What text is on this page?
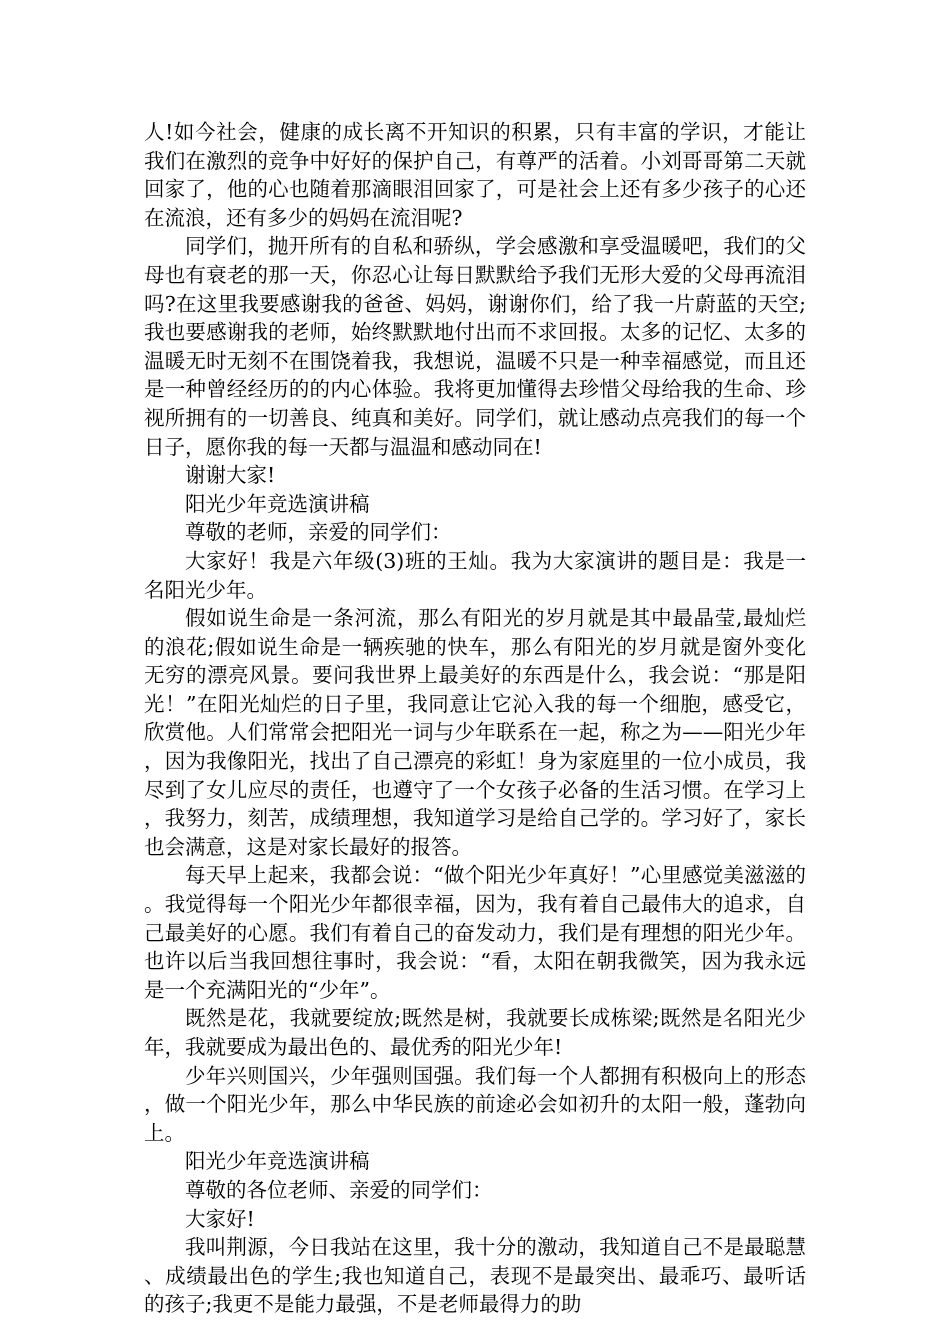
人!如今社会，健康的成长离不开知识的积累，只有丰富的学识，才能让我们在激烈的竞争中好好的保护自己，有尊严的活着。小刘哥哥第二天就回家了，他的心也随着那滴眼泪回家了，可是社会上还有多少孩子的心还在流浪，还有多少的妈妈在流泪呢?

同学们，抛开所有的自私和骄纵，学会感激和享受温暖吧，我们的父母也有衰老的那一天，你忍心让每日默默给予我们无形大爱的父母再流泪吗?在这里我要感谢我的爸爸、妈妈，谢谢你们，给了我一片蔚蓝的天空;我也要感谢我的老师，始终默默地付出而不求回报。太多的记忆、太多的温暖无时无刻不在围饶着我，我想说，温暖不只是一种幸福感觉，而且还是一种曾经经历的的内心体验。我将更加懂得去珍惜父母给我的生命、珍视所拥有的一切善良、纯真和美好。同学们，就让感动点亮我们的每一个日子，愿你我的每一天都与温温和感动同在!

谢谢大家!

阳光少年竞选演讲稿

尊敬的老师，亲爱的同学们：

大家好！我是六年级(3)班的王灿。我为大家演讲的题目是：我是一名阳光少年。

假如说生命是一条河流，那么有阳光的岁月就是其中最晶莹,最灿烂的浪花;假如说生命是一辆疾驰的快车，那么有阳光的岁月就是窗外变化无穷的漂亮风景。要问我世界上最美好的东西是什么，我会说：“那是阳光！”在阳光灿烂的日子里，我同意让它沁入我的每一个细胞，感受它，欣赏他。人们常常会把阳光一词与少年联系在一起，称之为——阳光少年，因为我像阳光，找出了自己漂亮的彩虹！身为家庭里的一位小成员，我尽到了女儿应尽的责任，也遵守了一个女孩子必备的生活习惯。在学习上，我努力，刻苦，成绩理想，我知道学习是给自己学的。学习好了，家长也会满意，这是对家长最好的报答。

每天早上起来，我都会说：“做个阳光少年真好！”心里感觉美滋滋的。我觉得每一个阳光少年都很幸福，因为，我有着自己最伟大的追求，自己最美好的心愿。我们有着自己的奋发动力，我们是有理想的阳光少年。也许以后当我回想往事时，我会说：“看，太阳在朝我微笑，因为我永远是一个充满阳光的“少年”。

既然是花，我就要绽放;既然是树，我就要长成栋梁;既然是名阳光少年，我就要成为最出色的、最优秀的阳光少年!

少年兴则国兴，少年强则国强。我们每一个人都拥有积极向上的形态，做一个阳光少年，那么中华民族的前途必会如初升的太阳一般，蓬勃向上。

阳光少年竞选演讲稿

尊敬的各位老师、亲爱的同学们：

大家好!

我叫荆源，今日我站在这里，我十分的激动，我知道自己不是最聪慧、成绩最出色的学生;我也知道自己，表现不是最突出、最乖巧、最听话的孩子;我更不是能力最强，不是老师最得力的助
